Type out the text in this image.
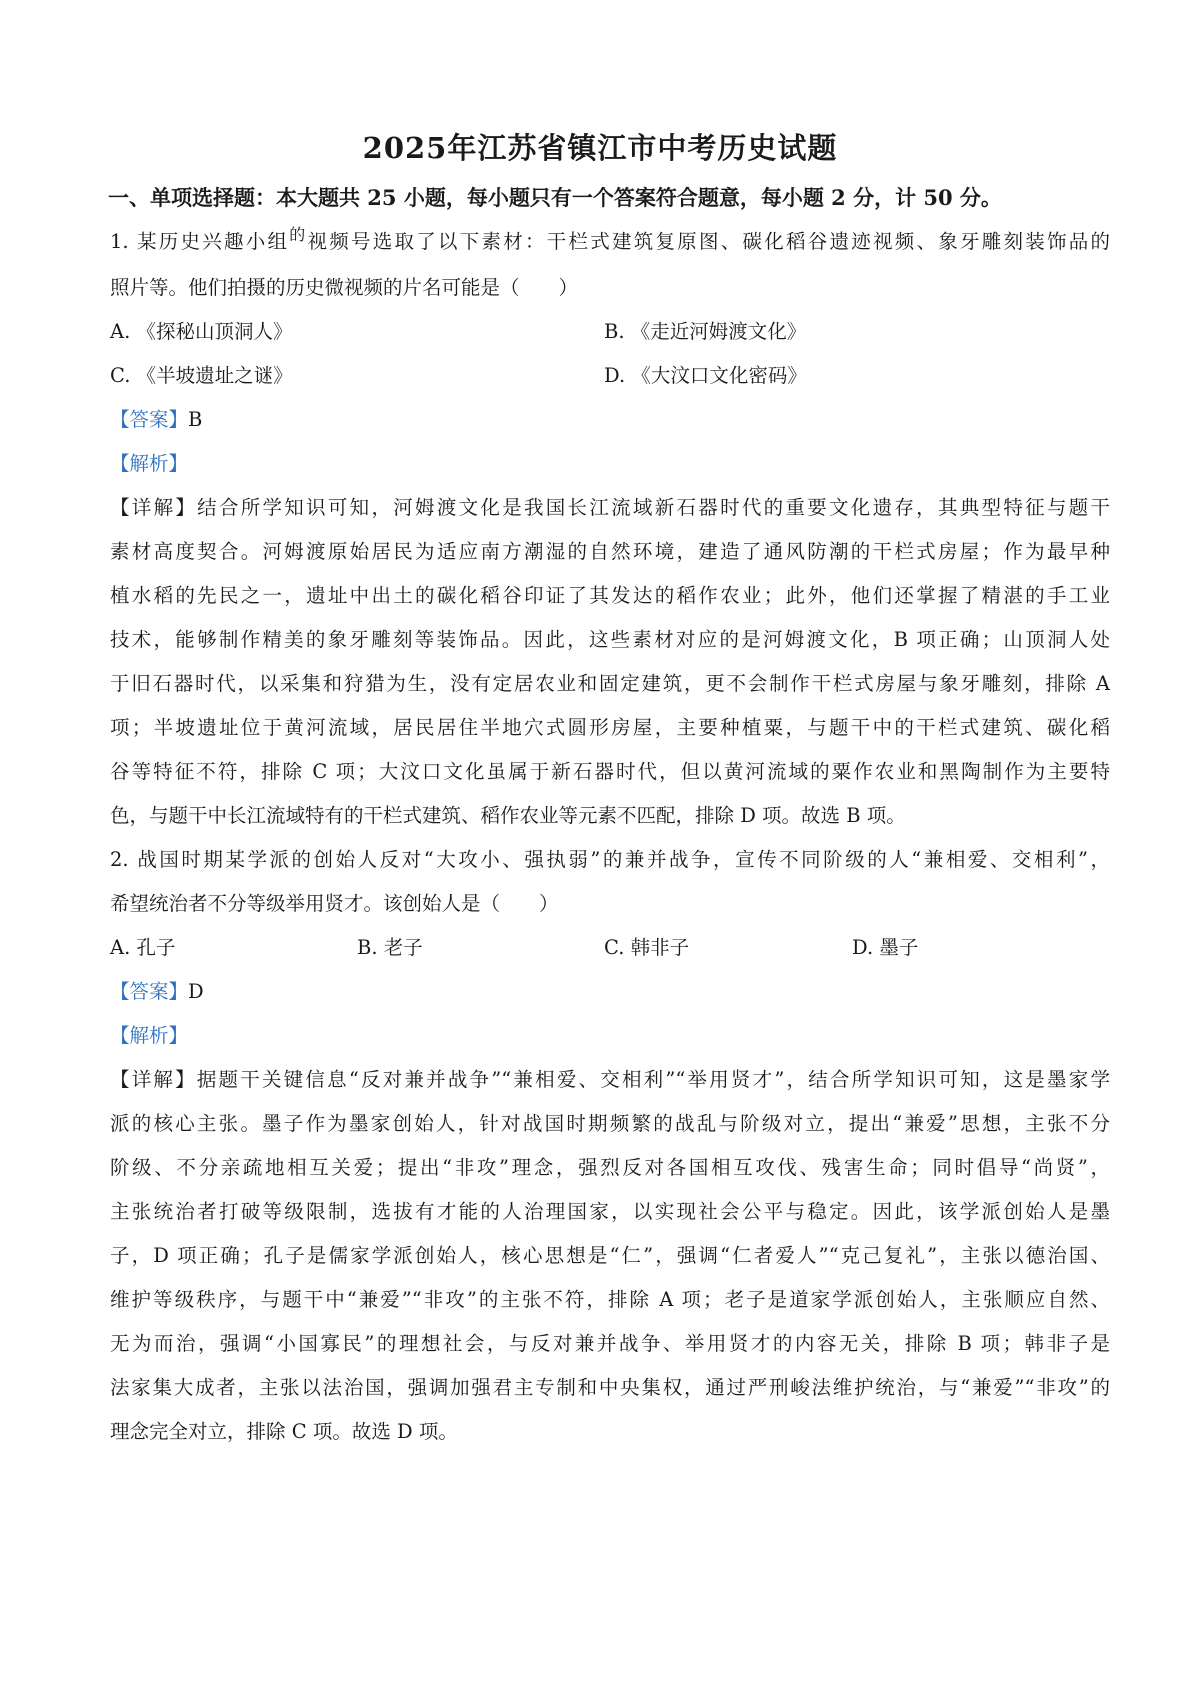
2025年江苏省镇江市中考历史试题
一、单项选择题：本大题共 25 小题，每小题只有一个答案符合题意，每小题 2 分，计 50 分。
1. 某历史兴趣小组$^的$视频号选取了以下素材：干栏式建筑复原图、碳化稻谷遗迹视频、象牙雕刻装饰品的
照片等。他们拍摄的历史微视频的片名可能是（　　）
A. 《探秘山顶洞人》	B. 《走近河姆渡文化》
C. 《半坡遗址之谜》	D. 《大汶口文化密码》
【答案】B
【解析】
【详解】结合所学知识可知，河姆渡文化是我国长江流域新石器时代的重要文化遗存，其典型特征与题干
素材高度契合。河姆渡原始居民为适应南方潮湿的自然环境，建造了通风防潮的干栏式房屋；作为最早种
植水稻的先民之一，遗址中出土的碳化稻谷印证了其发达的稻作农业；此外，他们还掌握了精湛的手工业
技术，能够制作精美的象牙雕刻等装饰品。因此，这些素材对应的是河姆渡文化，B 项正确；山顶洞人处
于旧石器时代，以采集和狩猎为生，没有定居农业和固定建筑，更不会制作干栏式房屋与象牙雕刻，排除 A
项；半坡遗址位于黄河流域，居民居住半地穴式圆形房屋，主要种植粟，与题干中的干栏式建筑、碳化稻
谷等特征不符，排除 C 项；大汶口文化虽属于新石器时代，但以黄河流域的粟作农业和黑陶制作为主要特
色，与题干中长江流域特有的干栏式建筑、稻作农业等元素不匹配，排除 D 项。故选 B 项。
2. 战国时期某学派的创始人反对“大攻小、强执弱”的兼并战争，宣传不同阶级的人“兼相爱、交相利”，
希望统治者不分等级举用贤才。该创始人是（　　）
A. 孔子	B. 老子	C. 韩非子	D. 墨子
【答案】D
【解析】
【详解】据题干关键信息“反对兼并战争”“兼相爱、交相利”“举用贤才”，结合所学知识可知，这是墨家学
派的核心主张。墨子作为墨家创始人，针对战国时期频繁的战乱与阶级对立，提出“兼爱”思想，主张不分
阶级、不分亲疏地相互关爱；提出“非攻”理念，强烈反对各国相互攻伐、残害生命；同时倡导“尚贤”，
主张统治者打破等级限制，选拔有才能的人治理国家，以实现社会公平与稳定。因此，该学派创始人是墨
子，D 项正确；孔子是儒家学派创始人，核心思想是“仁”，强调“仁者爱人”“克己复礼”，主张以德治国、
维护等级秩序，与题干中“兼爱”“非攻”的主张不符，排除 A 项；老子是道家学派创始人，主张顺应自然、
无为而治，强调“小国寡民”的理想社会，与反对兼并战争、举用贤才的内容无关，排除 B 项；韩非子是
法家集大成者，主张以法治国，强调加强君主专制和中央集权，通过严刑峻法维护统治，与“兼爱”“非攻”的
理念完全对立，排除 C 项。故选 D 项。
